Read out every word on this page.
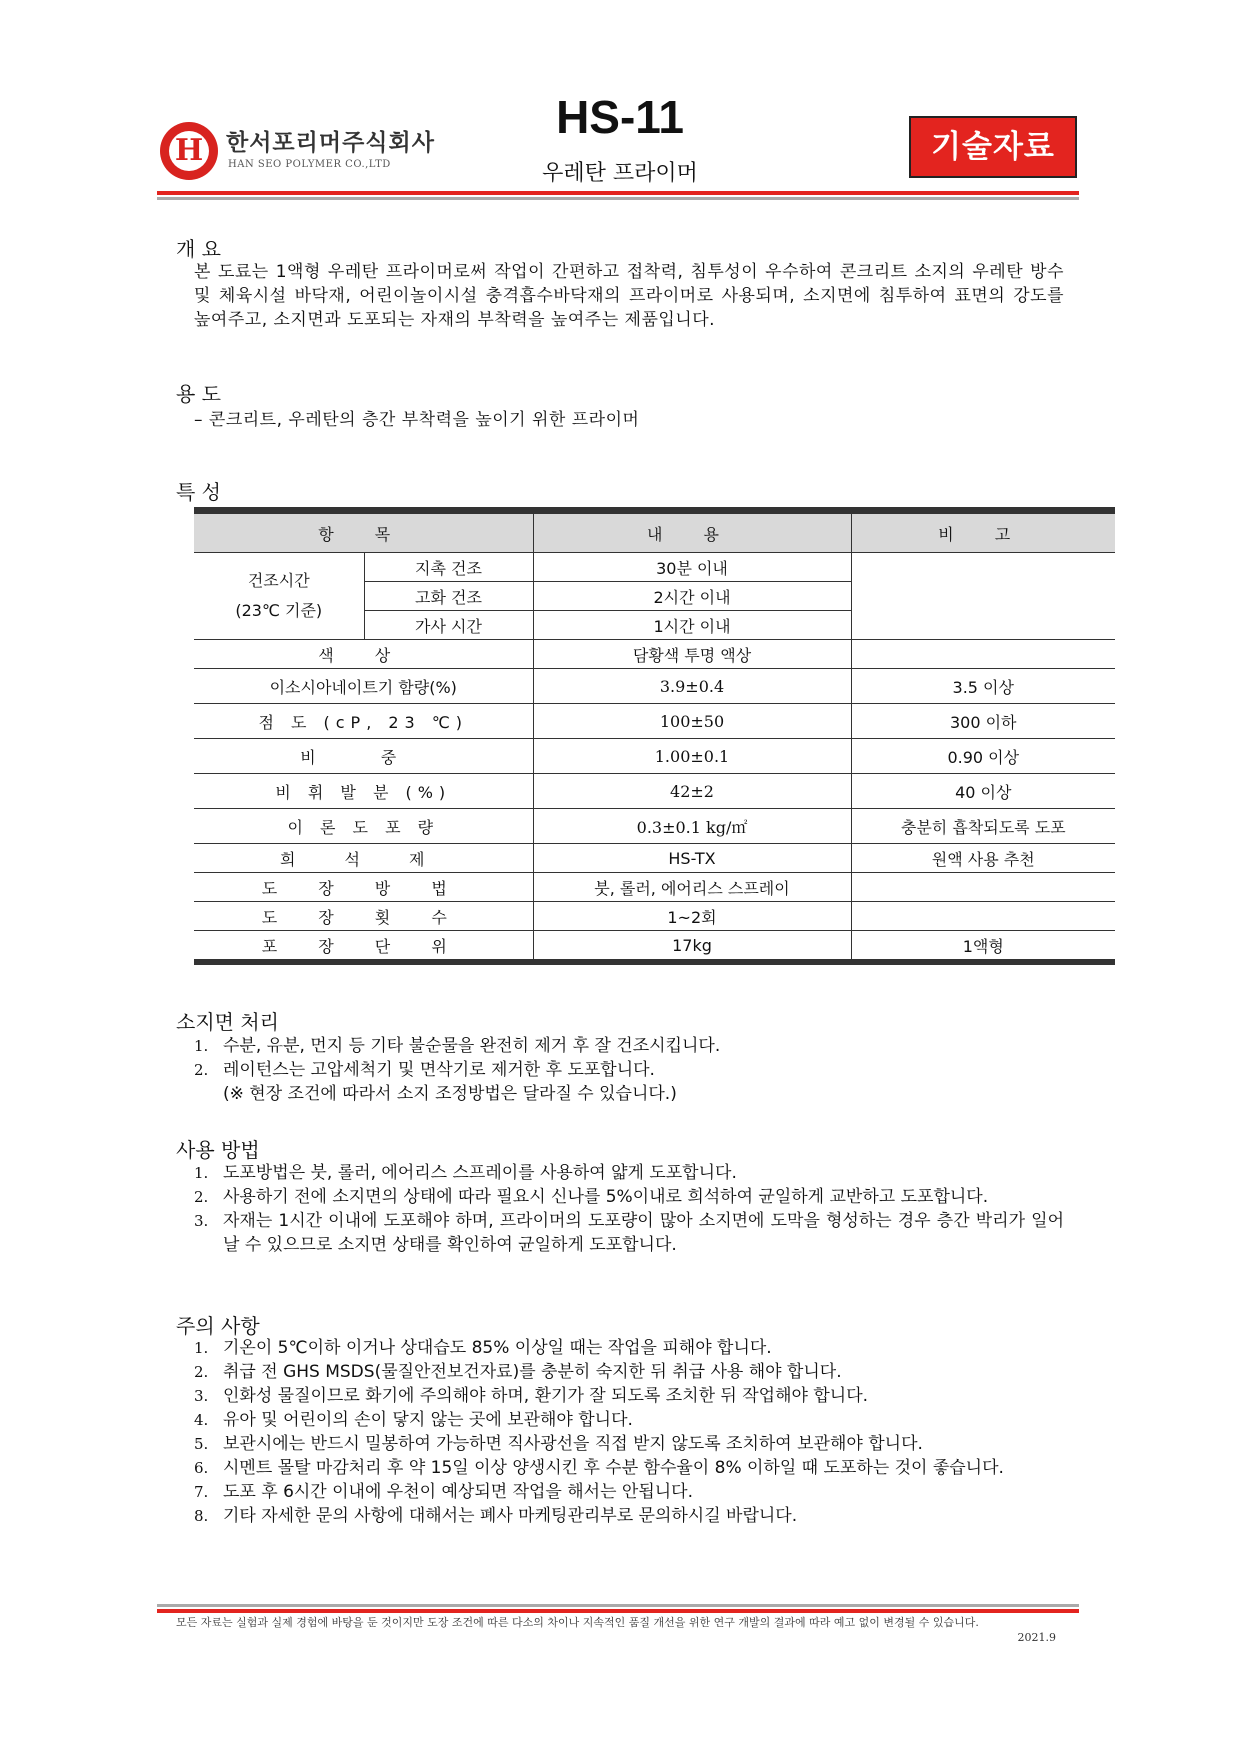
H 한서포리머주식회사
HAN SEO POLYMER CO.,LTD
HS-11
우레탄 프라이머
기술자료
개 요
본 도료는 1액형 우레탄 프라이머로써 작업이 간편하고 접착력, 침투성이 우수하여 콘크리트 소지의 우레탄 방수 및 체육시설 바닥재, 어린이놀이시설 충격흡수바닥재의 프라이머로 사용되며, 소지면에 침투하여 표면의 강도를 높여주고, 소지면과 도포되는 자재의 부착력을 높여주는 제품입니다.
용 도
– 콘크리트, 우레탄의 층간 부착력을 높이기 위한 프라이머
특 성
항 목		내 용	비 고

건조시간
(23℃ 기준)	지촉 건조	30분 이내	
	고화 건조	2시간 이내	
	가사 시간	1시간 이내	
색 상		담황색 투명 액상	
이소시아네이트기 함량(%)		3.9±0.4	3.5 이상
점 도 (cP, 23 ℃)		100±50	300 이하
비 중		1.00±0.1	0.90 이상
비 휘 발 분 (%)		42±2	40 이상
이 론 도 포 량		0.3±0.1 kg/㎡	충분히 흡착되도록 도포
희 석 제		HS-TX	원액 사용 추천
도 장 방 법		붓, 롤러, 에어리스 스프레이	
도 장 횟 수		1~2회	
포 장 단 위		17kg	1액형
소지면 처리
1. 수분, 유분, 먼지 등 기타 불순물을 완전히 제거 후 잘 건조시킵니다.
2. 레이턴스는 고압세척기 및 면삭기로 제거한 후 도포합니다.
(※ 현장 조건에 따라서 소지 조정방법은 달라질 수 있습니다.)
사용 방법
1. 도포방법은 붓, 롤러, 에어리스 스프레이를 사용하여 얇게 도포합니다.
2. 사용하기 전에 소지면의 상태에 따라 필요시 신나를 5%이내로 희석하여 균일하게 교반하고 도포합니다.
3. 자재는 1시간 이내에 도포해야 하며, 프라이머의 도포량이 많아 소지면에 도막을 형성하는 경우 층간 박리가 일어날 수 있으므로 소지면 상태를 확인하여 균일하게 도포합니다.
주의 사항
1. 기온이 5℃이하 이거나 상대습도 85% 이상일 때는 작업을 피해야 합니다.
2. 취급 전 GHS MSDS(물질안전보건자료)를 충분히 숙지한 뒤 취급 사용 해야 합니다.
3. 인화성 물질이므로 화기에 주의해야 하며, 환기가 잘 되도록 조치한 뒤 작업해야 합니다.
4. 유아 및 어린이의 손이 닿지 않는 곳에 보관해야 합니다.
5. 보관시에는 반드시 밀봉하여 가능하면 직사광선을 직접 받지 않도록 조치하여 보관해야 합니다.
6. 시멘트 몰탈 마감처리 후 약 15일 이상 양생시킨 후 수분 함수율이 8% 이하일 때 도포하는 것이 좋습니다.
7. 도포 후 6시간 이내에 우천이 예상되면 작업을 해서는 안됩니다.
8. 기타 자세한 문의 사항에 대해서는 폐사 마케팅관리부로 문의하시길 바랍니다.
모든 자료는 실험과 실제 경험에 바탕을 둔 것이지만 도장 조건에 따른 다소의 차이나 지속적인 품질 개선을 위한 연구 개발의 결과에 따라 예고 없이 변경될 수 있습니다.
2021.9
